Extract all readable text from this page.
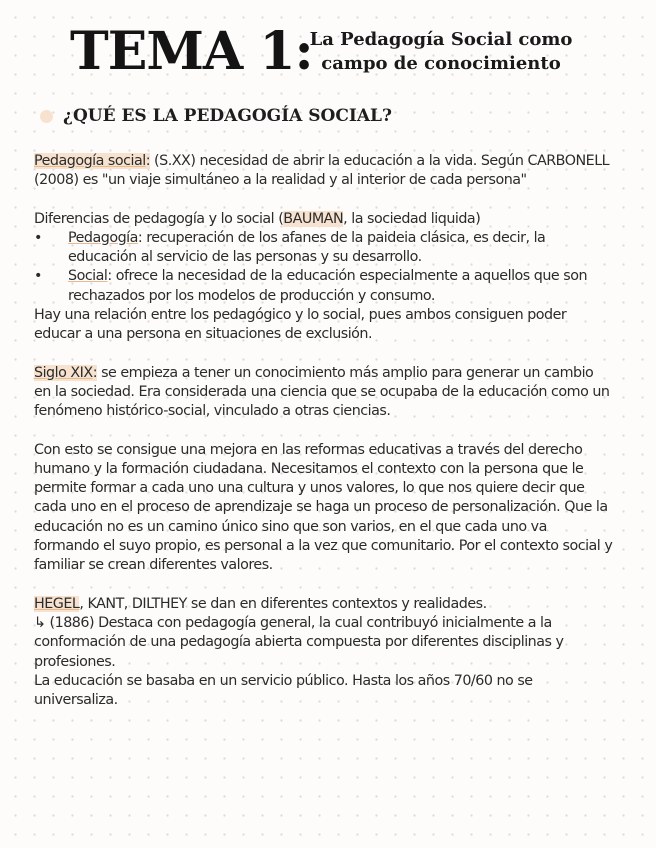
TEMA 1:
La Pedagogía Social como
campo de conocimiento
¿QUÉ ES LA PEDAGOGÍA SOCIAL?

Pedagogía social: (S.XX) necesidad de abrir la educación a la vida. Según CARBONELL (2008) es "un viaje simultáneo a la realidad y al interior de cada persona"

Diferencias de pedagogía y lo social (BAUMAN, la sociedad liquida)

•	Pedagogía: recuperación de los afanes de la paideia clásica, es decir, la educación al servicio de las personas y su desarrollo.
•	Social: ofrece la necesidad de la educación especialmente a aquellos que son rechazados por los modelos de producción y consumo.

Hay una relación entre los pedagógico y lo social, pues ambos consiguen poder educar a una persona en situaciones de exclusión.

Siglo XIX: se empieza a tener un conocimiento más amplio para generar un cambio en la sociedad. Era considerada una ciencia que se ocupaba de la educación como un fenómeno histórico-social, vinculado a otras ciencias.

Con esto se consigue una mejora en las reformas educativas a través del derecho humano y la formación ciudadana. Necesitamos el contexto con la persona que le permite formar a cada uno una cultura y unos valores, lo que nos quiere decir que cada uno en el proceso de aprendizaje se haga un proceso de personalización. Que la educación no es un camino único sino que son varios, en el que cada uno va formando el suyo propio, es personal a la vez que comunitario. Por el contexto social y familiar se crean diferentes valores.

HEGEL, KANT, DILTHEY se dan en diferentes contextos y realidades.

↳ (1886) Destaca con pedagogía general, la cual contribuyó inicialmente a la conformación de una pedagogía abierta compuesta por diferentes disciplinas y profesiones.

La educación se basaba en un servicio público. Hasta los años 70/60 no se universaliza.
